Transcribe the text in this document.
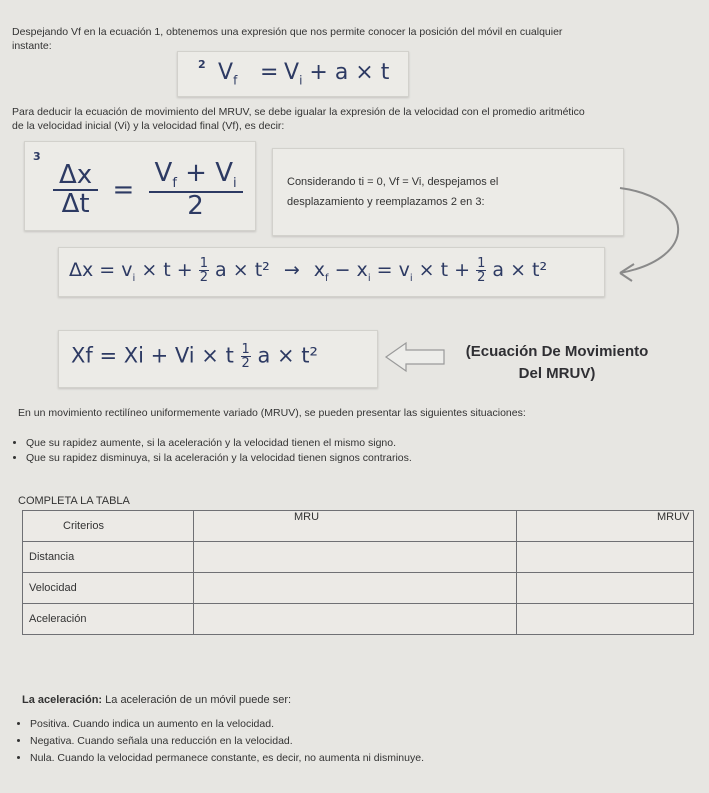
Despejando Vf en la ecuación 1, obtenemos una expresión que nos permite conocer la posición del móvil en cualquier
instante:
2 $V_f = V_i + a \times t$
Para deducir la ecuación de movimiento del MRUV, se debe igualar la expresión de la velocidad con el promedio aritmético
de la velocidad inicial (Vi) y la velocidad final (Vf), es decir:
3
$\frac{\Delta x}{\Delta t} = \frac{V_f + V_i}{2}$	Considerando ti = 0, Vf = Vi, despejamos el
desplazamiento y reemplazamos 2 en 3:
$\Delta x = v_i \times t + \frac{1}{2}$ $a \times t^2 \to x_f - x_i = v_i \times t + \frac{1}{2}$ a × t²
Xf = Xi + Vi × t $\frac{1}{2}$ a × t²	(Ecuación De Movimiento
Del MRUV)
En un movimiento rectilíneo uniformemente variado (MRUV), se pueden presentar las siguientes situaciones:
• Que su rapidez aumente, si la aceleración y la velocidad tienen el mismo signo.
• Que su rapidez disminuya, si la aceleración y la velocidad tienen signos contrarios.
COMPLETA LA TABLA
Criterios	MRU	MRUV
Distancia		
Velocidad		
Aceleración		
La aceleración: La aceleración de un móvil puede ser:
• Positiva. Cuando indica un aumento en la velocidad.
• Negativa. Cuando señala una reducción en la velocidad.
• Nula. Cuando la velocidad permanece constante, es decir, no aumenta ni disminuye.
